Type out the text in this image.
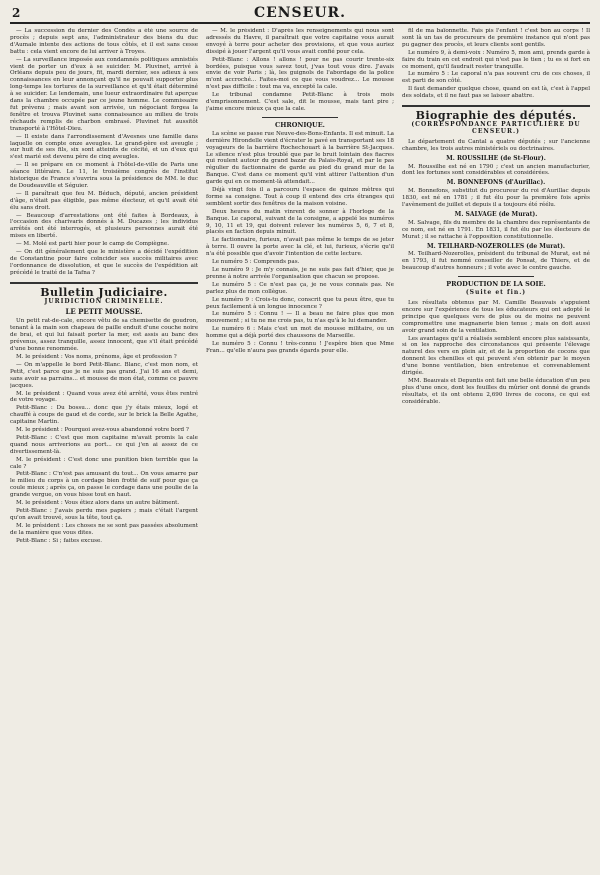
2	CENSEUR.

— La succession du dernier des Condés a été une source de procès ; depuis sept ans, l'administrateur des biens du duc d'Aumale intente des actions de tous côtés, et il est sans cesse battu : cela vient encore de lui arriver à Troyes.

— La surveillance imposée aux condamnés politiques amnistiés vient de porter un d'eux à se suicider. M. Pluvinet, arrivé à Orléans depuis peu de jours, fit, mardi dernier, ses adieux à ses connaissances en leur annonçant qu'il ne pouvait supporter plus long-temps les tortures de la surveillance et qu'il était déterminé à se suicider. Le lendemain, une lueur extraordinaire fut aperçue dans la chambre occupée par ce jeune homme. Le commissaire fut prévenu ; mais avant son arrivée, un négociant forgea la fenêtre et trouva Pluvinet sans connaissance au milieu de trois réchauds remplis de charbon embrasé. Pluvinet fut aussitôt transporté à l'Hôtel-Dieu.

— Il existe dans l'arrondissement d'Avesnes une famille dans laquelle on compte onze aveugles. Le grand-père est aveugle ; sur huit de ses fils, six sont atteints de cécité, et un d'eux qui s'est marié est devenu père de cinq aveugles.

— Il se prépare en ce moment à l'hôtel-de-ville de Paris une séance littéraire. Le 11, le troisième congrès de l'institut historique de France s'ouvrira sous la présidence de MM. le duc de Doudeauville et Séguier.

— Il paraîtrait que feu M. Béduch, député, ancien président d'âge, n'était pas éligible, pas même électeur, et qu'il avait été élu sans droit.

— Beaucoup d'arrestations ont été faites à Bordeaux, à l'occasion des charivaris donnés à M. Ducazes ; les individus arrêtés ont été interrogés, et plusieurs personnes aurait été mises en liberté.

— M. Molé est parti hier pour le camp de Compiègne.

— On dit généralement que le ministère a décidé l'expédition de Constantine pour faire coïncider ses succès militaires avec l'ordonnance de dissolution, et que le succès de l'expédition ait précédé le traité de la Tafna ?

Bulletin Judiciaire.
JURIDICTION CRIMINELLE.
LE PETIT MOUSSE.

Un petit rat-de-cale, encore vêtu de sa chemisette de goudron, tenant à la main son chapeau de paille enduit d'une couche noire de brai, et qui lui faisait porter la mer, est assis au banc des prévenus, assez tranquille, assez innocent, que s'il était précédé d'une bonne renommée.

M. le président : Vos noms, prénoms, âge et profession ?

— On m'appelle le bord Petit-Blanc. Blanc, c'est mon nom, et Petit, c'est parce que je ne suis pas grand. J'ai 16 ans et demi, sans avoir sa parrains... et mousse de mon état, comme ce pauvre jacques.

M. le président : Quand vous avez été arrêté, vous êtes rentré de votre voyage.

Petit-Blanc : Du bossu... donc que j'y étais mieux, logé et chauffé à coups de gaud et de corde, sur le brick la Belle Agathe, capitaine Martin.

M. le président : Pourquoi avez-vous abandonné votre bord ?

Petit-Blanc : C'est que mon capitaine m'avait promis la cale quand nous arriverions au port... ce qui j'en ai assez de ce divertissement-là.

M. le président : C'est donc une punition bien terrible que la cale ?

Petit-Blanc : C'n'est pas amusant du tout... On vous amarre par le milieu du corps à un cordage bien frotté de suif pour que ça coule mieux ; après ça, on passe le cordage dans une poulie de la grande vergue, on vous hisse tout en haut.

M. le président : Vous étiez alors dans un autre bâtiment.

Petit-Blanc : J'avais perdu mes papiers ; mais c'était l'argent qu'on avait trouvé, sous la tête, tout ça.

M. le président : Les choses ne se sont pas passées absolument de la manière que vous dites.

Petit-Blanc : Si ; faites excuse.

— M. le président : D'après les renseignements qui nous sont adressés du Havre, il paraîtrait que votre capitaine vous aurait envoyé à terre pour acheter des provisions, et que vous auriez dissipé à jouer l'argent qu'il vous avait confié pour cela.

Petit-Blanc : Allons ! allons ! pour ne pas courir trente-six bordées, puisque vous savez tout, j'vas tout vous dire. J'avais envie de voir Paris ; là, les guignols de l'abordage de la police m'ont accroché... Faites-moi ce que vous voudrez... Le mousse n'est pas difficile : tout ma va, excepté la cale.

Le tribunal condamne Petit-Blanc à trois mois d'emprisonnement. C'est sale, dit le mousse, mais tant pire ; j'aime encore mieux ça que la cale.

CHRONIQUE.

La scène se passe rue Neuve-des-Bons-Enfants. Il est minuit. La dernière Hirondelle vient d'écrater le pavé en transportant ses 18 voyageurs de la barrière Rochechouart à la barrière St-Jacques. Le silence n'est plus troublé que par le bruit lointain des fiacres qui roulent autour du grand bazar du Palais-Royal, et par le pas régulier du factionnaire de garde au pied du grand mur de la Banque. C'est dans ce moment qu'il vint attirer l'attention d'un garde qui en ce moment-là attendait...

Déjà vingt fois il a parcouru l'espace de quinze mètres qui forme sa consigne. Tout à coup il entend des cris étranges qui semblent sortir des fenêtres de la maison voisine.

Deux heures du matin vinrent de sonner à l'horloge de la Banque. Le caporal, suivant de la consigne, a appelé les numéros 9, 10, 11 et 19, qui doivent relever les numéros 5, 6, 7 et 8, placés en faction depuis minuit.

Le factionnaire, furieux, n'avait pas même le temps de se jeter à terre. Il ouvre la porte avec la clé, et lui, furieux, s'écrie qu'il n'a été possible que d'avoir l'intention de cette lecture.

Le numéro 5 : Comprends pas.

Le numéro 9 : Je m'y connais, je ne suis pas fait d'hier, que je prenne à notre arrivée l'organisation que chacun se propose.

Le numéro 5 : Ce n'est pas ça, je ne vous connais pas. Ne parlez plus de mon collègue.

Le numéro 9 : Crois-tu donc, conscrit que tu peux être, que tu peux facilement à un longue innocence ?

Le numéro 5 : Connu ! — Il a beau ne faire plus que mon mouvement ; si tu ne me crois pas, tu n'as qu'à le lui demander.

Le numéro 6 : Mais c'est un mot de mousse militaire, ou un homme qui a déjà porté des chaussons de Marseille.

Le numéro 5 : Connu ! très-connu ! J'espère bien que Mme Fran... qu'elle n'aura pas grands égards pour elle.

fil de ma baïonnette. Fais pis l'enfant ! c'est bon au corps ! Il sont là un tas de procureurs de première instance qui n'ont pas pu gagner des procès, et leurs clients sont gentils.

Le numéro 9, à demi-voix : Numéro 5, mon ami, prends garde à faire du train en cet endroit qui n'est pas le tien ; tu es si fort en ce moment, qu'il faudrait rester tranquille.

Le numéro 5 : Le caporal n'a pas souvent cru de ces choses, il est parti de son côté.

Il faut demander quelque chose, quand on est là, c'est à l'appel des soldats, et il ne faut pas se laisser abattre.

Biographie des députés.
(CORRESPONDANCE PARTICULIÈRE DU CENSEUR.)

Le département du Cantal a quatre députés ; sur l'ancienne chambre, les trois autres ministériels ou doctrinaires.

M. ROUSSILHE (de St-Flour).

M. Roussilhe est né en 1790 ; c'est un ancien manufacturier, dont les fortunes sont considérables et considérées.

M. BONNEFONS (d'Aurillac).

M. Bonnefons, substitut du procureur du roi d'Aurillac depuis 1830, est né en 1781 ; il fut élu pour la première fois après l'avènement de juillet et depuis il a toujours été réélu.

M. SALVAGE (de Murat).

M. Salvage, fils du membre de la chambre des représentants de ce nom, est né en 1791. En 1831, il fut élu par les électeurs de Murat ; il se rattache à l'opposition constitutionnelle.

M. TEILHARD-NOZEROLLES (de Murat).

M. Teilhard-Nozerolles, président du tribunal de Murat, est né en 1793, il fut nommé conseiller de Ponsat, de Thiers, et de beaucoup d'autres honneurs ; il vote avec le centre gauche.

PRODUCTION DE LA SOIE.
(Suite et fin.)

Les résultats obtenus par M. Camille Beauvais s'appuient encore sur l'expérience de tous les éducateurs qui ont adopté le principe que quelques vers de plus ou de moins ne peuvent compromettre une magnanerie bien tenue ; mais on doit aussi avoir grand soin de la ventilation.

Les avantages qu'il a réalisés semblent encore plus saisissants, si on les rapproche des circonstances qui présente l'élevage naturel des vers en plein air, et de la proportion de cocons que donnent les chenilles et qui peuvent s'en obtenir par le moyen d'une bonne ventilation, bien entretenue et convenablement dirigée.

MM. Beauvais et Depuntis ont fait une belle éducation d'un peu plus d'une once, dont les feuilles du mûrier ont donné de grands résultats, et ils ont obtenu 2,690 livres de cocons, ce qui est considérable.
